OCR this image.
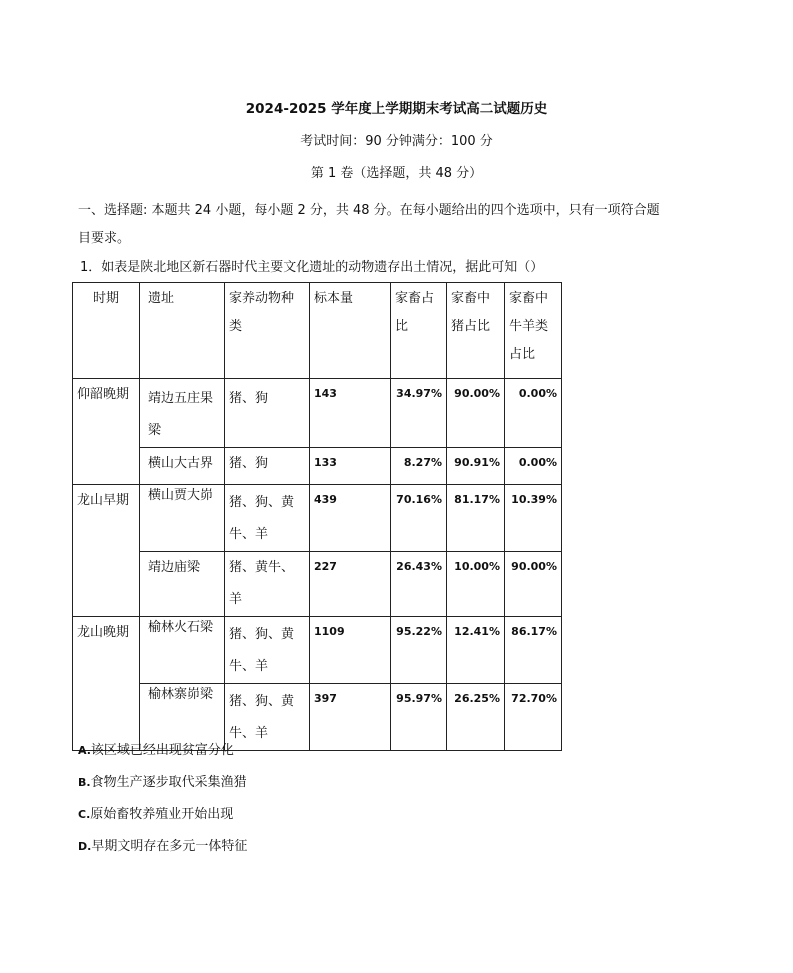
2024-2025 学年度上学期期末考试高二试题历史
考试时间：90 分钟满分：100 分
第 1 卷（选择题，共 48 分）
一、选择题: 本题共 24 小题，每小题 2 分，共 48 分。在每小题给出的四个选项中，只有一项符合题目要求。
1．如表是陕北地区新石器时代主要文化遗址的动物遗存出土情况，据此可知（）
时期	遗址	家养动物种类	标本量	家畜占比	家畜中猪占比	家畜中牛羊类占比
仰韶晚期	靖边五庄果梁	猪、狗	143	34.97%	90.00%	0.00%
	横山大古界	猪、狗	133	8.27%	90.91%	0.00%
龙山早期	横山贾大峁	猪、狗、黄牛、羊	439	70.16%	81.17%	10.39%
	靖边庙梁	猪、黄牛、羊	227	26.43%	10.00%	90.00%
龙山晚期	榆林火石梁	猪、狗、黄牛、羊	1109	95.22%	12.41%	86.17%
	榆林寨峁梁	猪、狗、黄牛、羊	397	95.97%	26.25%	72.70%
A.该区域已经出现贫富分化
B.食物生产逐步取代采集渔猎
C.原始畜牧养殖业开始出现
D.早期文明存在多元一体特征
